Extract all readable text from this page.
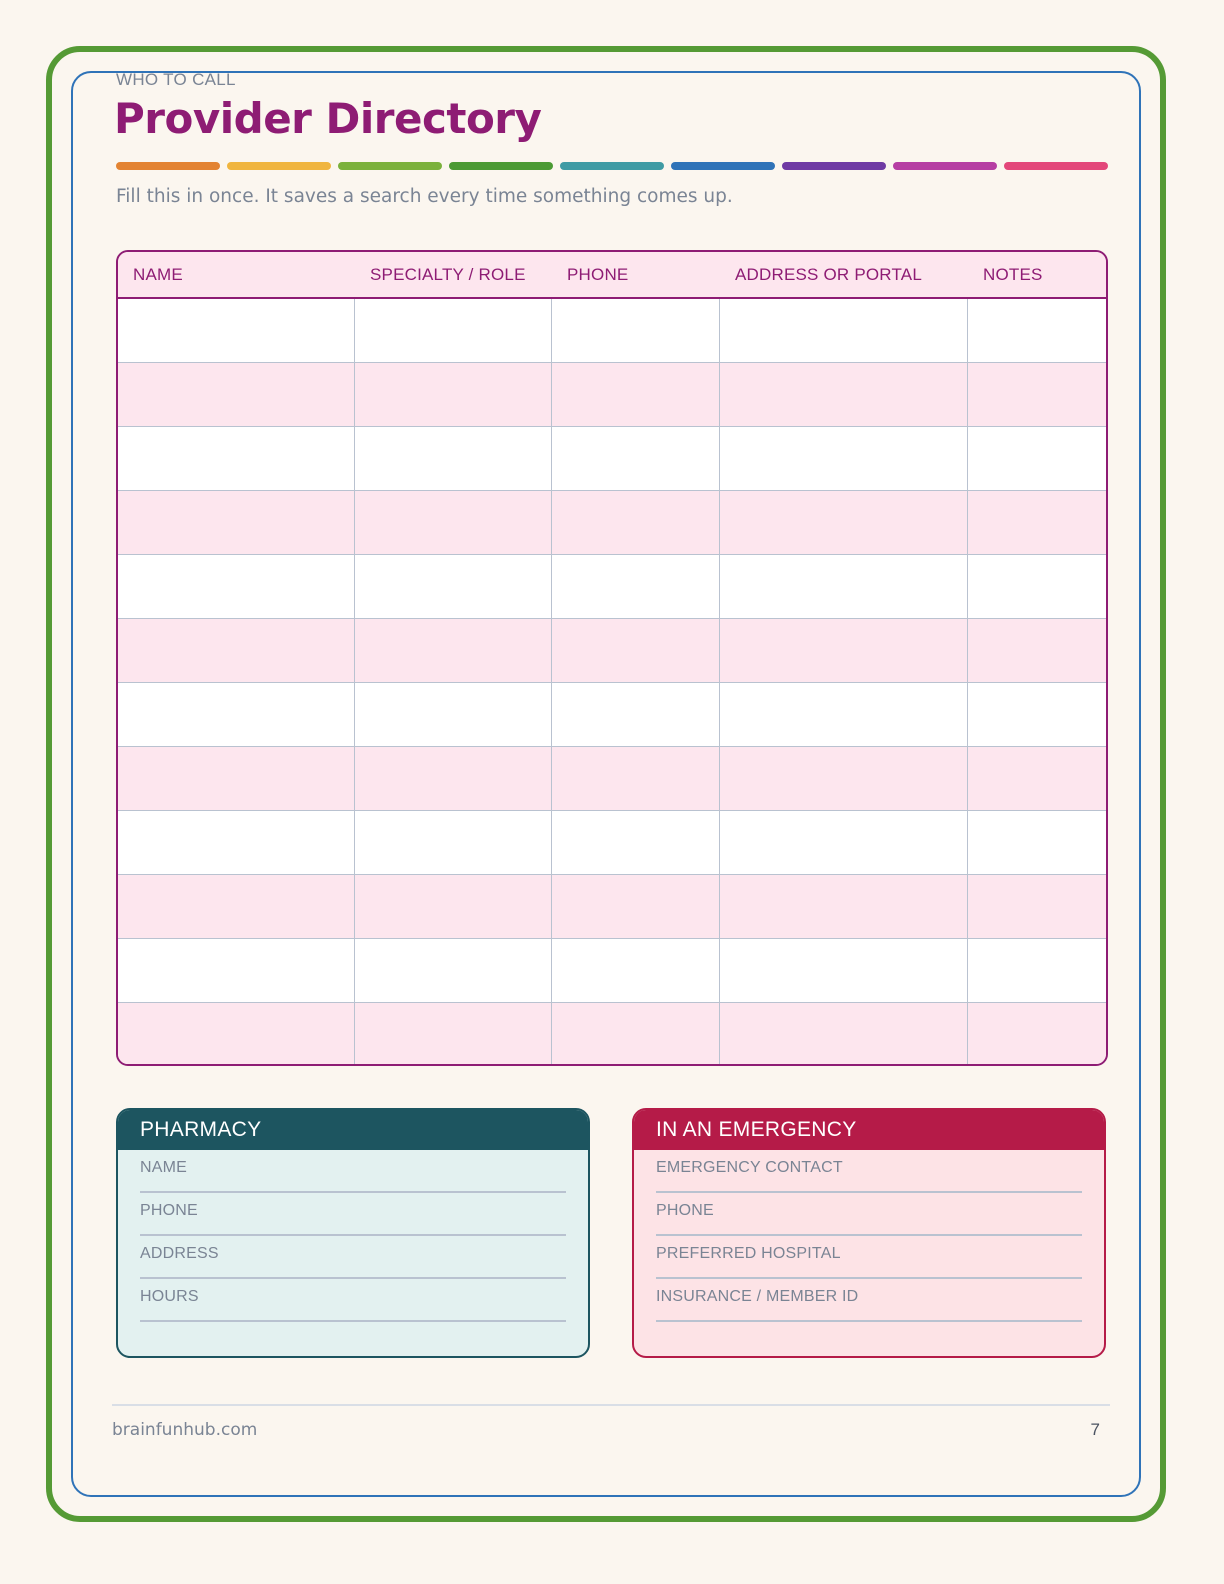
WHO TO CALL

Provider Directory

Fill this in once. It saves a search every time something comes up.

NAME	SPECIALTY / ROLE	PHONE	ADDRESS OR PORTAL	NOTES
PHARMACY
NAME
PHONE
ADDRESS
HOURS
IN AN EMERGENCY
EMERGENCY CONTACT
PHONE
PREFERRED HOSPITAL
INSURANCE / MEMBER ID
brainfunhub.com	7
